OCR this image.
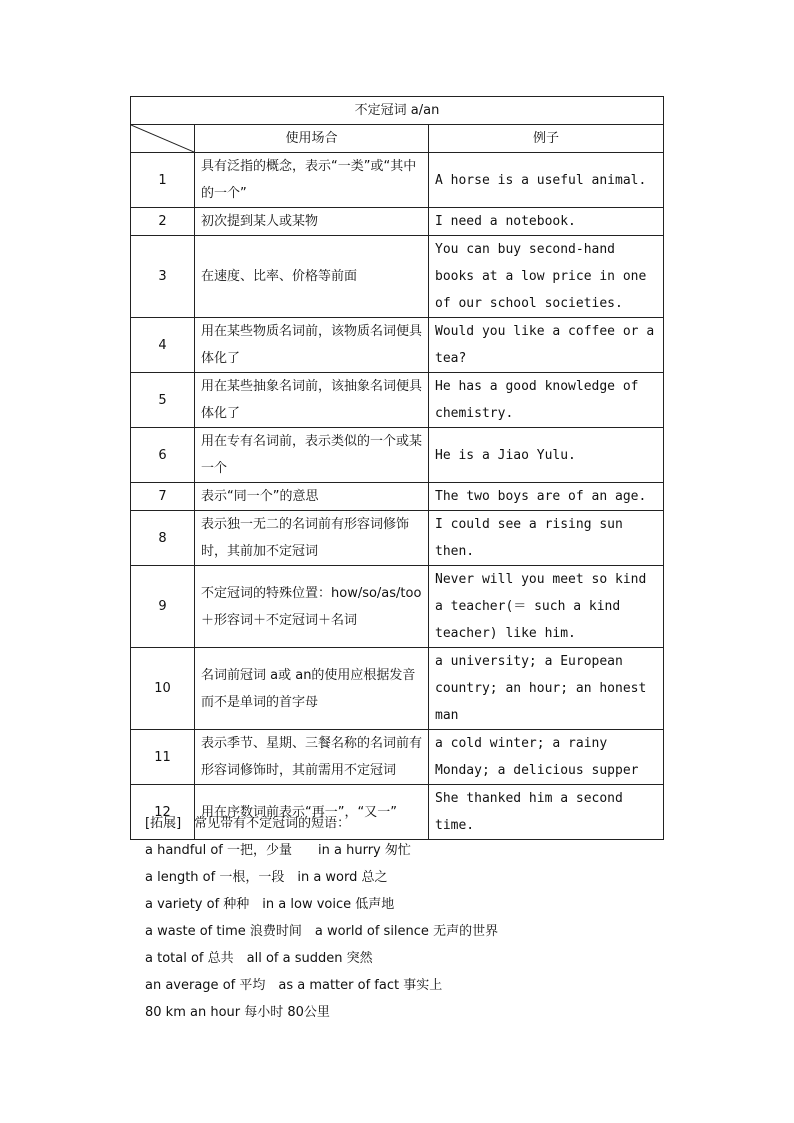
不定冠词 a/an		

	使用场合	例子
1	具有泛指的概念，表示“一类”或“其中的一个”	A horse is a useful animal.
2	初次提到某人或某物	I need a notebook.
3	在速度、比率、价格等前面	You can buy second-hand books at a low price in one of our school societies.
4	用在某些物质名词前，该物质名词便具体化了	Would you like a coffee or a tea?
5	用在某些抽象名词前，该抽象名词便具体化了	He has a good knowledge of chemistry.
6	用在专有名词前，表示类似的一个或某一个	He is a Jiao Yulu.
7	表示“同一个”的意思	The two boys are of an age.
8	表示独一无二的名词前有形容词修饰时，其前加不定冠词	I could see a rising sun then.
9	不定冠词的特殊位置：how/so/as/too＋形容词＋不定冠词＋名词	Never will you meet so kind a teacher(＝ such a kind teacher) like him.
10	名词前冠词 a或 an的使用应根据发音而不是单词的首字母	a university; a European country; an hour; an honest man
11	表示季节、星期、三餐名称的名词前有形容词修饰时，其前需用不定冠词	a cold winter; a rainy Monday; a delicious supper
12	用在序数词前表示“再一”，“又一”	She thanked him a second time.
[拓展]　常见带有不定冠词的短语：
a handful of 一把，少量　　in a hurry 匆忙
a length of 一根，一段　in a word 总之
a variety of 种种　in a low voice 低声地
a waste of time 浪费时间　a world of silence 无声的世界
a total of 总共　all of a sudden 突然
an average of 平均　as a matter of fact 事实上
80 km an hour 每小时 80公里
